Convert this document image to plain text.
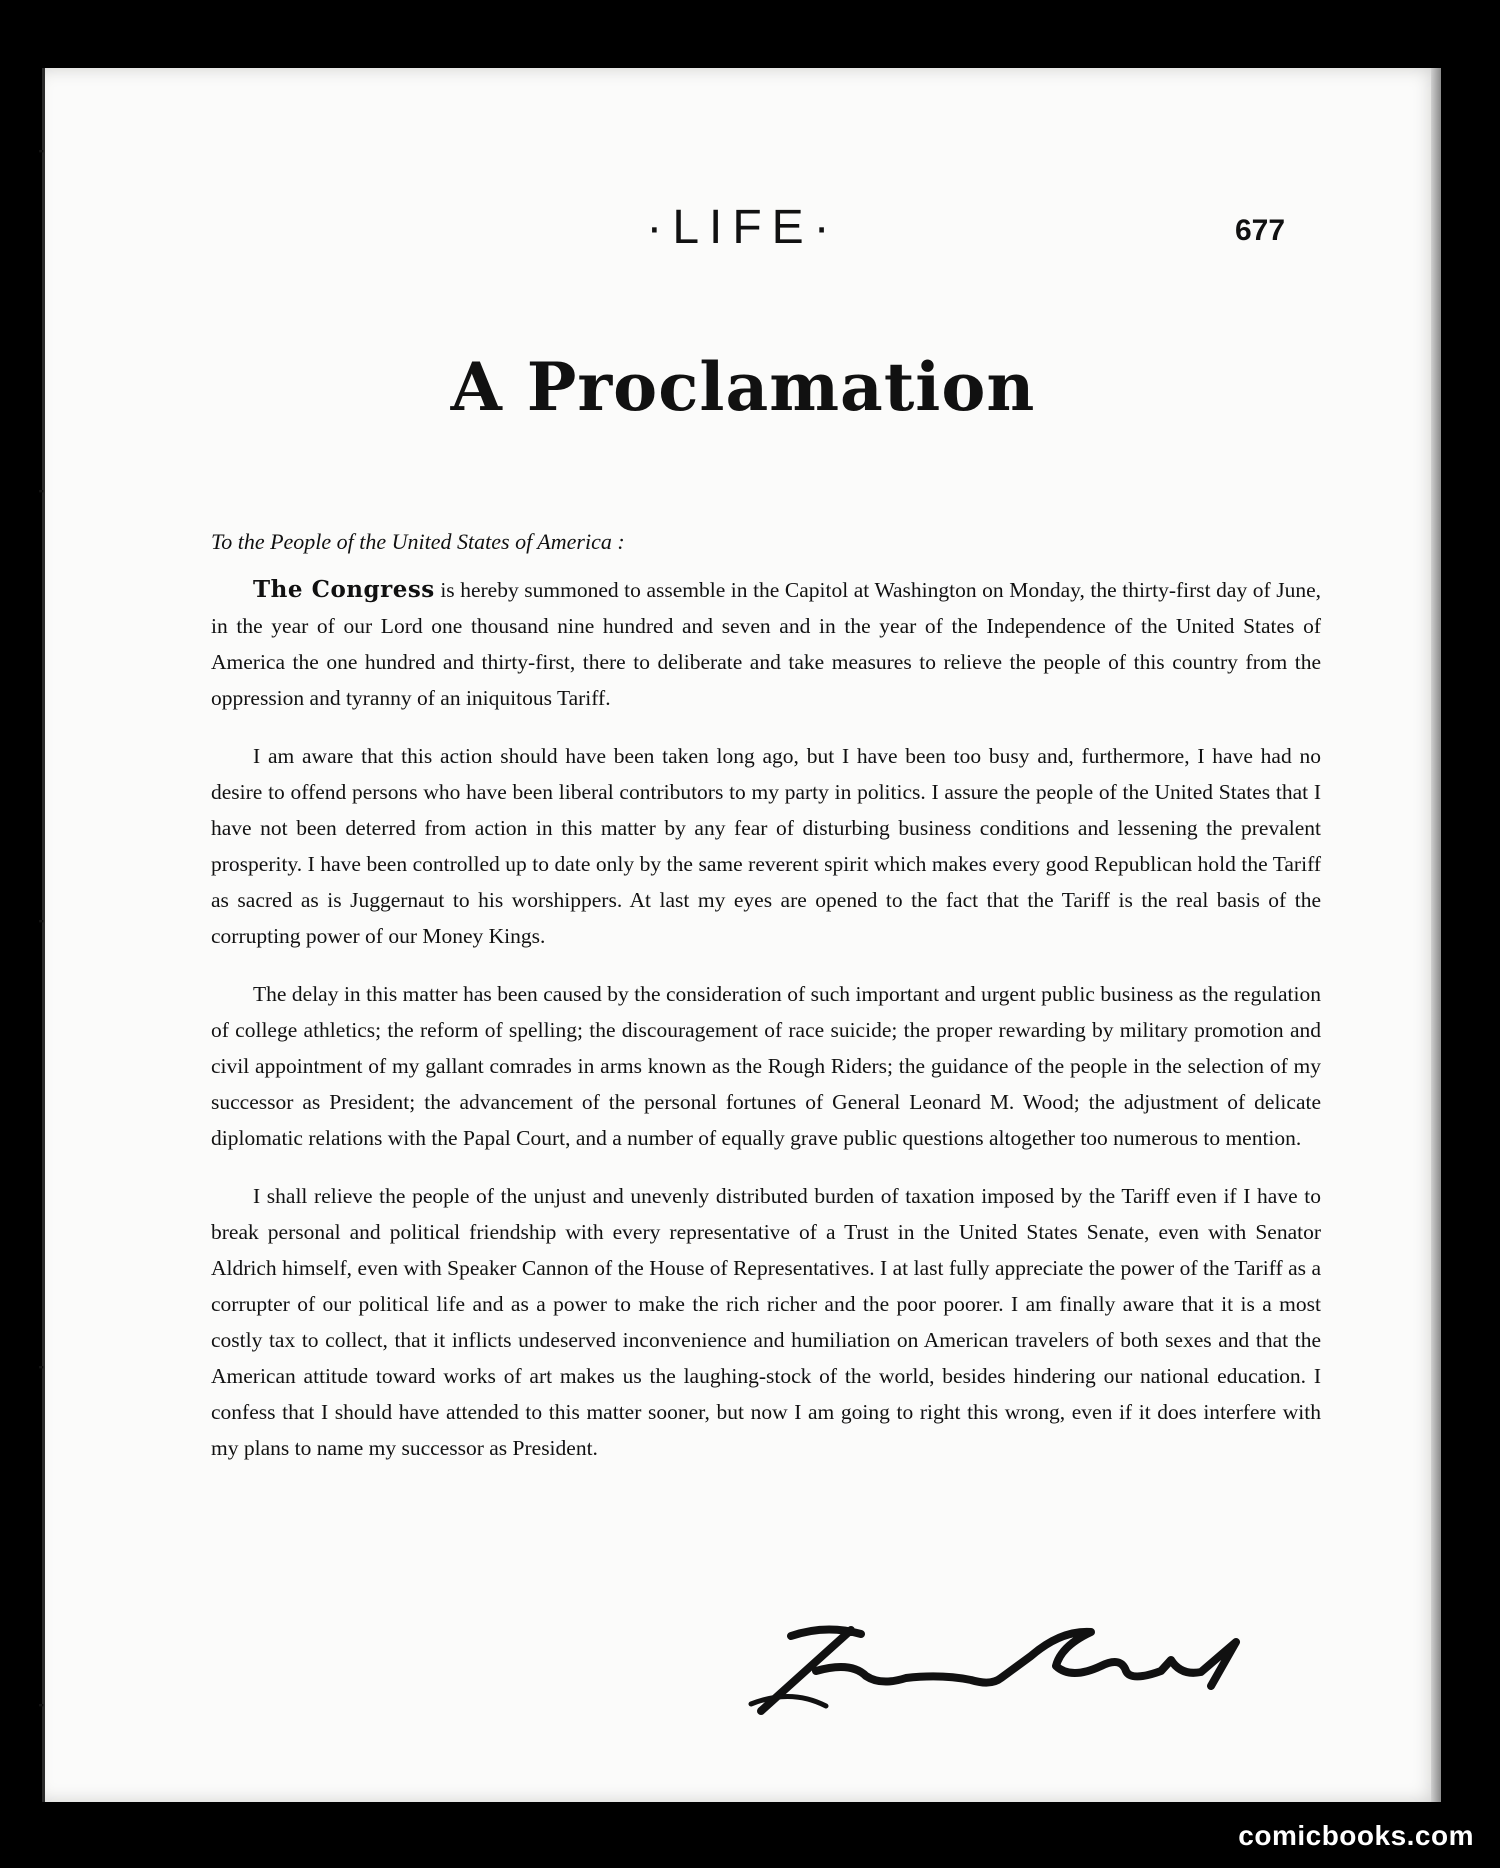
╸
╸
╸
╸
╸
·LIFE·	677
A Proclamation

To the People of the United States of America :

The Congress is hereby summoned to assemble in the Capitol at Washington on Monday, the thirty-first day of June, in the year of our Lord one thousand nine hundred and seven and in the year of the Independence of the United States of America the one hundred and thirty-first, there to deliberate and take measures to relieve the people of this country from the oppression and tyranny of an iniquitous Tariff.

I am aware that this action should have been taken long ago, but I have been too busy and, furthermore, I have had no desire to offend persons who have been liberal contributors to my party in politics. I assure the people of the United States that I have not been deterred from action in this matter by any fear of disturbing business conditions and lessening the prevalent prosperity. I have been controlled up to date only by the same reverent spirit which makes every good Republican hold the Tariff as sacred as is Juggernaut to his worshippers. At last my eyes are opened to the fact that the Tariff is the real basis of the corrupting power of our Money Kings.

The delay in this matter has been caused by the consideration of such important and urgent public business as the regulation of college athletics; the reform of spelling; the discouragement of race suicide; the proper rewarding by military promotion and civil appointment of my gallant comrades in arms known as the Rough Riders; the guidance of the people in the selection of my successor as President; the advancement of the personal fortunes of General Leonard M. Wood; the adjustment of delicate diplomatic relations with the Papal Court, and a number of equally grave public questions altogether too numerous to mention.

I shall relieve the people of the unjust and unevenly distributed burden of taxation imposed by the Tariff even if I have to break personal and political friendship with every representative of a Trust in the United States Senate, even with Senator Aldrich himself, even with Speaker Cannon of the House of Representatives. I at last fully appreciate the power of the Tariff as a corrupter of our political life and as a power to make the rich richer and the poor poorer. I am finally aware that it is a most costly tax to collect, that it inflicts undeserved inconvenience and humiliation on American travelers of both sexes and that the American attitude toward works of art makes us the laughing-stock of the world, besides hindering our national education. I confess that I should have attended to this matter sooner, but now I am going to right this wrong, even if it does interfere with my plans to name my successor as President.

comicbooks.com
